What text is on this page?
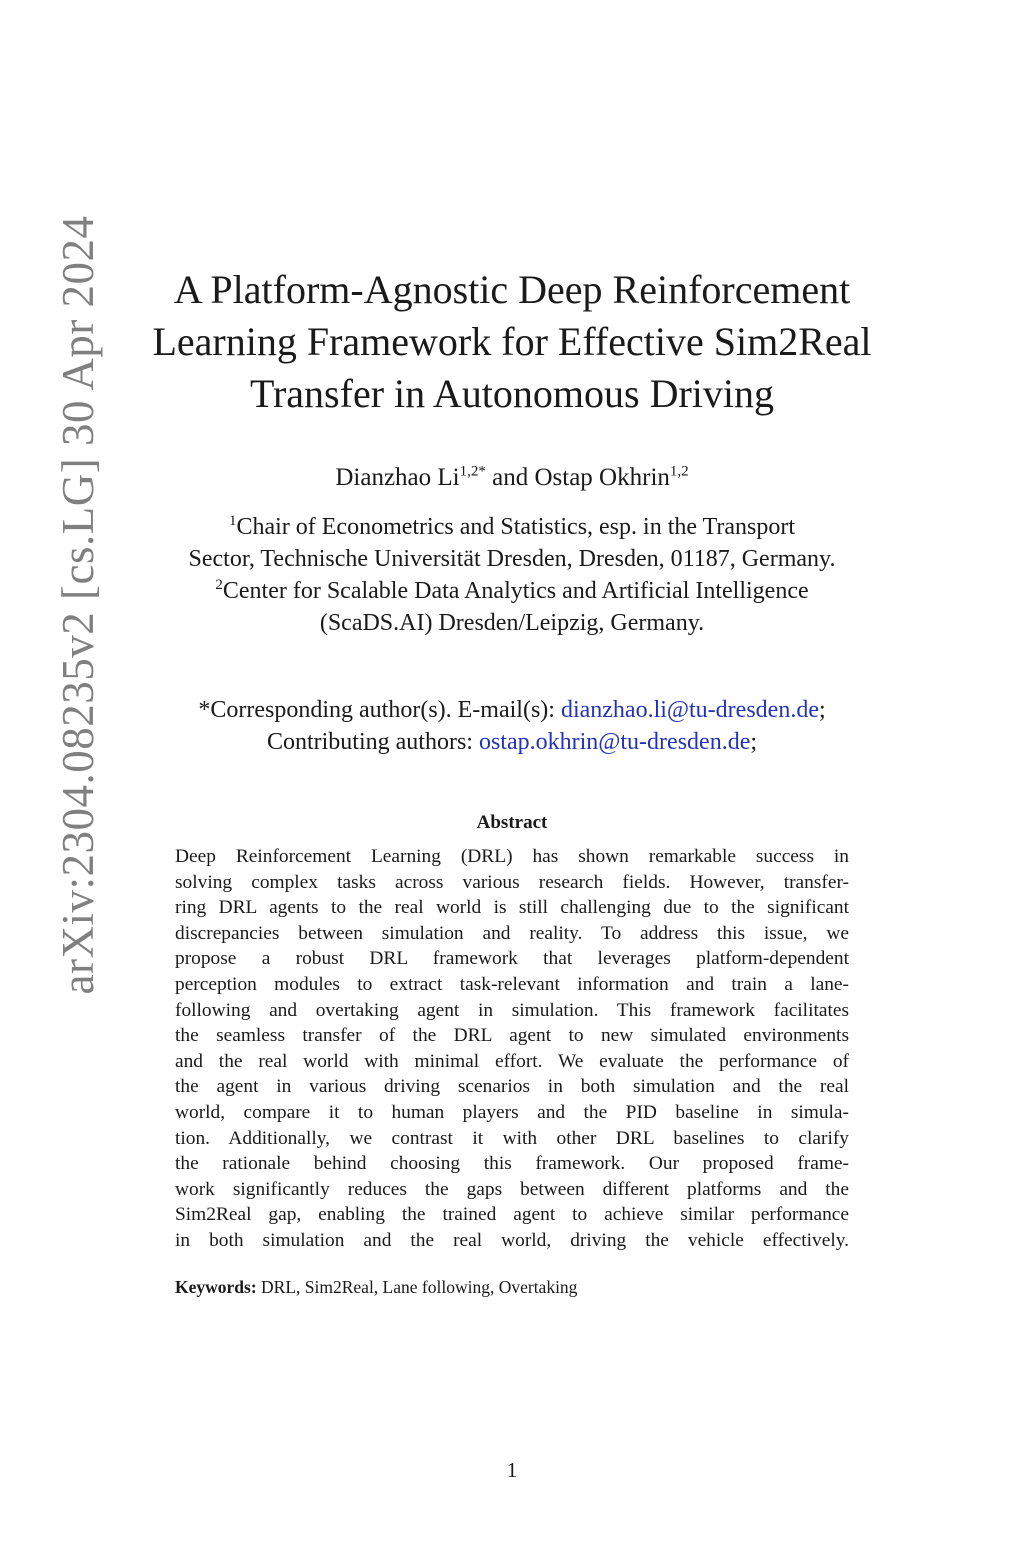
arXiv:2304.08235v2 [cs.LG] 30 Apr 2024	A Platform-Agnostic Deep Reinforcement
Learning Framework for Effective Sim2Real
Transfer in Autonomous Driving
Dianzhao $Li^{1,2*}$ and Ostap Okhrin$^{1,2}$
$^1$Chair of Econometrics and Statistics, esp. in the Transport
Sector, Technische Universität Dresden, Dresden, 01187, Germany.
$^2$Center for Scalable Data Analytics and Artificial Intelligence
(ScaDS.AI) Dresden/Leipzig, Germany.
*Corresponding author(s). E-mail(s): dianzhao.li@tu-dresden.de;
Contributing authors: ostap.okhrin@tu-dresden.de;
Abstract
Deep Reinforcement Learning (DRL) has shown remarkable success in
solving complex tasks across various research fields. However, transfer-
ring DRL agents to the real world is still challenging due to the significant
discrepancies between simulation and reality. To address this issue, we
propose a robust DRL framework that leverages platform-dependent
perception modules to extract task-relevant information and train a lane-
following and overtaking agent in simulation. This framework facilitates
the seamless transfer of the DRL agent to new simulated environments
and the real world with minimal effort. We evaluate the performance of
the agent in various driving scenarios in both simulation and the real
world, compare it to human players and the PID baseline in simula-
tion. Additionally, we contrast it with other DRL baselines to clarify
the rationale behind choosing this framework. Our proposed frame-
work significantly reduces the gaps between different platforms and the
Sim2Real gap, enabling the trained agent to achieve similar performance
in both simulation and the real world, driving the vehicle effectively.
Keywords: DRL, Sim2Real, Lane following, Overtaking
1
